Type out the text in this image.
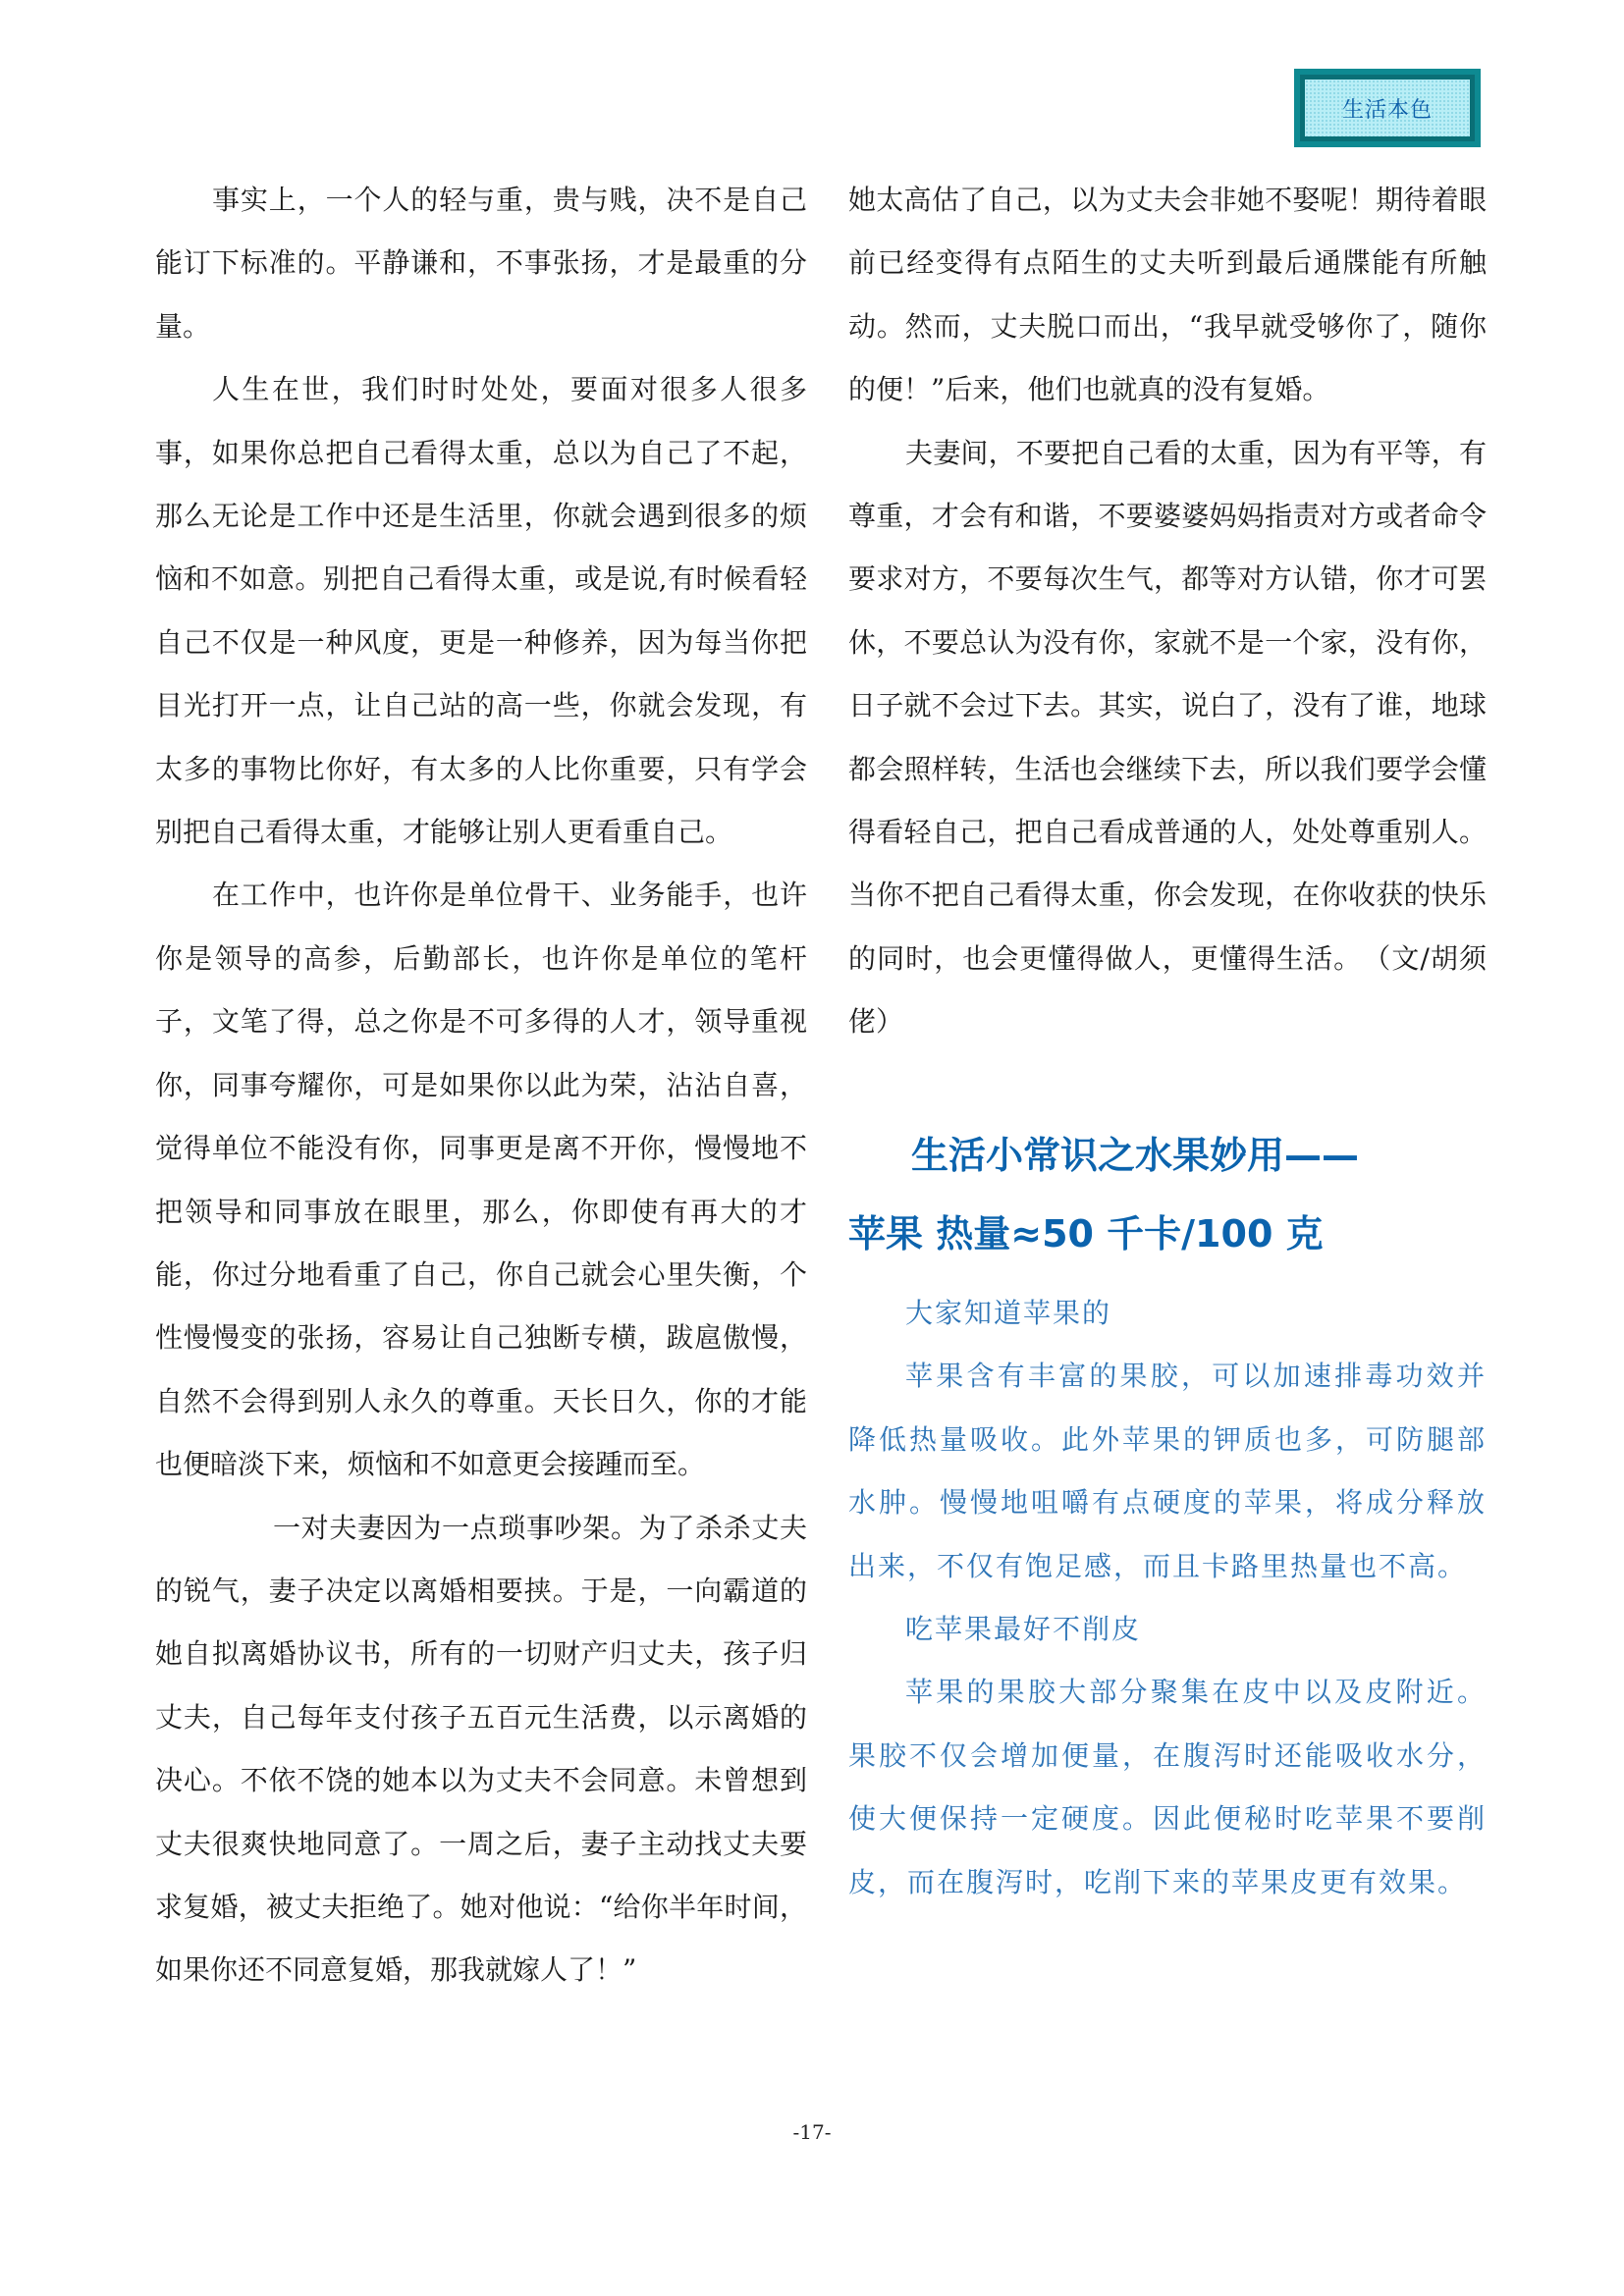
生活本色

事实上，一个人的轻与重，贵与贱，决不是自己能订下标准的。平静谦和，不事张扬，才是最重的分量。

人生在世，我们时时处处，要面对很多人很多事，如果你总把自己看得太重，总以为自己了不起，那么无论是工作中还是生活里，你就会遇到很多的烦恼和不如意。别把自己看得太重，或是说,有时候看轻自己不仅是一种风度，更是一种修养，因为每当你把目光打开一点，让自己站的高一些，你就会发现，有太多的事物比你好，有太多的人比你重要，只有学会别把自己看得太重，才能够让别人更看重自己。

在工作中，也许你是单位骨干、业务能手，也许你是领导的高参，后勤部长，也许你是单位的笔杆子，文笔了得，总之你是不可多得的人才，领导重视你，同事夸耀你，可是如果你以此为荣，沾沾自喜，觉得单位不能没有你，同事更是离不开你，慢慢地不把领导和同事放在眼里，那么，你即使有再大的才能，你过分地看重了自己，你自己就会心里失衡，个性慢慢变的张扬，容易让自己独断专横，跋扈傲慢，自然不会得到别人永久的尊重。天长日久，你的才能也便暗淡下来，烦恼和不如意更会接踵而至。

一对夫妻因为一点琐事吵架。为了杀杀丈夫的锐气，妻子决定以离婚相要挟。于是，一向霸道的她自拟离婚协议书，所有的一切财产归丈夫，孩子归丈夫，自己每年支付孩子五百元生活费，以示离婚的决心。不依不饶的她本以为丈夫不会同意。未曾想到丈夫很爽快地同意了。一周之后，妻子主动找丈夫要求复婚，被丈夫拒绝了。她对他说：“给你半年时间，如果你还不同意复婚，那我就嫁人了！”

她太高估了自己，以为丈夫会非她不娶呢！期待着眼前已经变得有点陌生的丈夫听到最后通牒能有所触动。然而，丈夫脱口而出，“我早就受够你了，随你的便！”后来，他们也就真的没有复婚。

夫妻间，不要把自己看的太重，因为有平等，有尊重，才会有和谐，不要婆婆妈妈指责对方或者命令要求对方，不要每次生气，都等对方认错，你才可罢休，不要总认为没有你，家就不是一个家，没有你，日子就不会过下去。其实，说白了，没有了谁，地球都会照样转，生活也会继续下去，所以我们要学会懂得看轻自己，把自己看成普通的人，处处尊重别人。当你不把自己看得太重，你会发现，在你收获的快乐的同时，也会更懂得做人，更懂得生活。　（文/胡须佬）

生活小常识之水果妙用——
苹果 热量≈50 千卡/100 克

大家知道苹果的

苹果含有丰富的果胶，可以加速排毒功效并降低热量吸收。此外苹果的钾质也多，可防腿部水肿。慢慢地咀嚼有点硬度的苹果，将成分释放出来，不仅有饱足感，而且卡路里热量也不高。

吃苹果最好不削皮

苹果的果胶大部分聚集在皮中以及皮附近。果胶不仅会增加便量，在腹泻时还能吸收水分，使大便保持一定硬度。因此便秘时吃苹果不要削皮，而在腹泻时，吃削下来的苹果皮更有效果。

-17-
